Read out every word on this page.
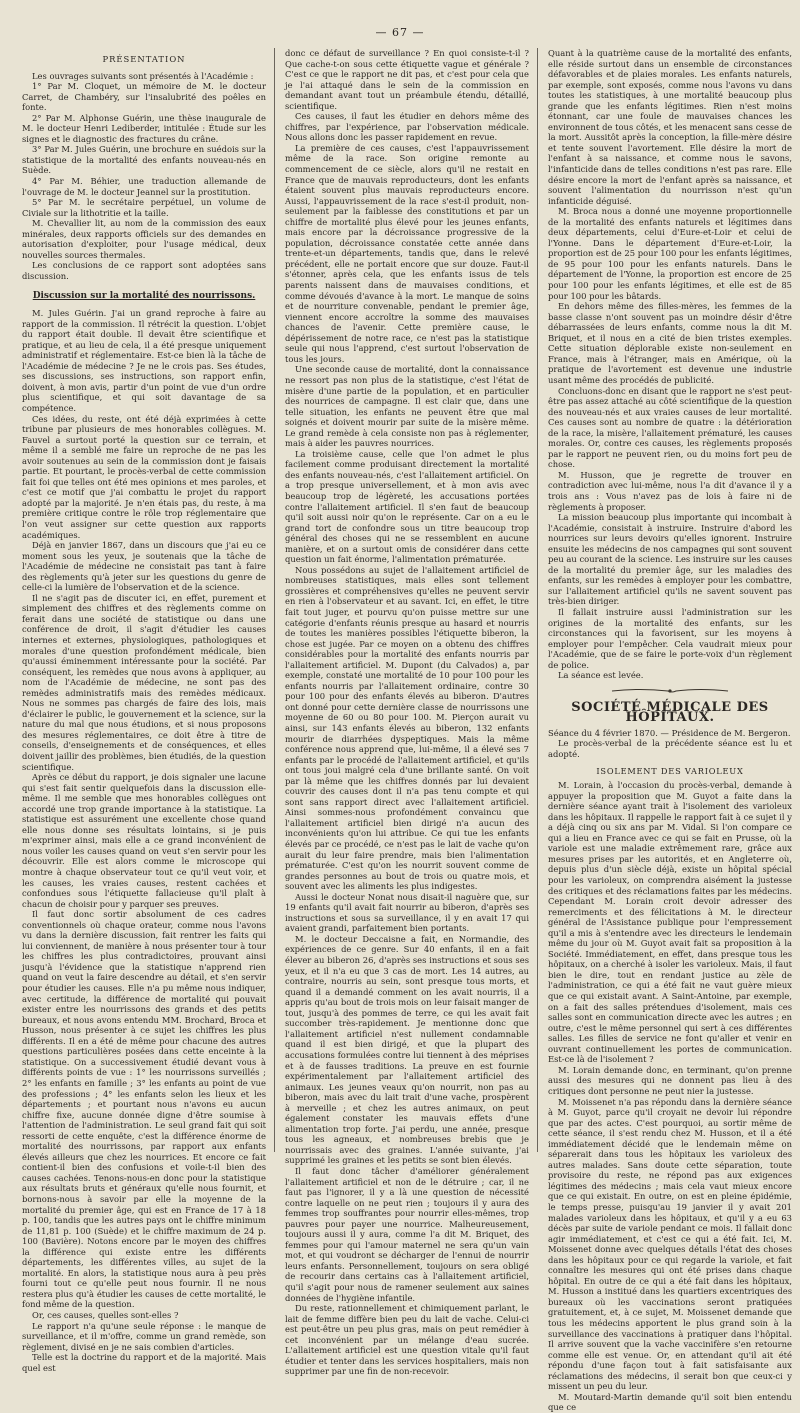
— 67 —

PRÉSENTATION

Les ouvrages suivants sont présentés à l'Académie :

1° Par M. Cloquet, un mémoire de M. le docteur Carret, de Chambéry, sur l'insalubrité des poêles en fonte.

2° Par M. Alphonse Guérin, une thèse inaugurale de M. le docteur Henri Lediberder, intitulée : Étude sur les signes et le diagnostic des fractures du crâne.

3° Par M. Jules Guérin, une brochure en suédois sur la statistique de la mortalité des enfants nouveau-nés en Suède.

4° Par M. Béhier, une traduction allemande de l'ouvrage de M. le docteur Jeannel sur la prostitution.

5° Par M. le secrétaire perpétuel, un volume de Civiale sur la lithotritie et la taille.

M. Chevallier lit, au nom de la commission des eaux minérales, deux rapports officiels sur des demandes en autorisation d'exploiter, pour l'usage médical, deux nouvelles sources thermales.

Les conclusions de ce rapport sont adoptées sans discussion.

Discussion sur la mortalité des nourrissons.

M. Jules Guérin. J'ai un grand reproche à faire au rapport de la commission. Il rétrécit la question. L'objet du rapport était double. Il devait être scientifique et pratique, et au lieu de cela, il a été presque uniquement administratif et réglementaire. Est-ce bien là la tâche de l'Académie de médecine ? Je ne le crois pas. Ses études, ses discussions, ses instructions, son rapport enfin, doivent, à mon avis, partir d'un point de vue d'un ordre plus scientifique, et qui soit davantage de sa compétence.

Ces idées, du reste, ont été déjà exprimées à cette tribune par plusieurs de mes honorables collègues. M. Fauvel a surtout porté la question sur ce terrain, et même il a semblé me faire un reproche de ne pas les avoir soutenues au sein de la commission dont je faisais partie. Et pourtant, le procès-verbal de cette commission fait foi que telles ont été mes opinions et mes paroles, et c'est ce motif que j'ai combattu le projet du rapport adopté par la majorité. Je n'en étais pas, du reste, à ma première critique contre le rôle trop réglementaire que l'on veut assigner sur cette question aux rapports académiques.

Déjà en janvier 1867, dans un discours que j'ai eu ce moment sous les yeux, je soutenais que la tâche de l'Académie de médecine ne consistait pas tant à faire des règlements qu'à jeter sur les questions du genre de celle-ci la lumière de l'observation et de la science.

Il ne s'agit pas de discuter ici, en effet, purement et simplement des chiffres et des règlements comme on ferait dans une société de statistique ou dans une conférence de droit, il s'agit d'étudier les causes internes et externes, physiologiques, pathologiques et morales d'une question profondément médicale, bien qu'aussi éminemment intéressante pour la société. Par conséquent, les remèdes que nous avons à appliquer, au nom de l'Académie de médecine, ne sont pas des remèdes administratifs mais des remèdes médicaux. Nous ne sommes pas chargés de faire des lois, mais d'éclairer le public, le gouvernement et la science, sur la nature du mal que nous étudions, et si nous proposons des mesures réglementaires, ce doit être à titre de conseils, d'enseignements et de conséquences, et elles doivent jaillir des problèmes, bien étudiés, de la question scientifique.

Après ce début du rapport, je dois signaler une lacune qui s'est fait sentir quelquefois dans la discussion elle-même. Il me semble que mes honorables collègues ont accordé une trop grande importance à la statistique. La statistique est assurément une excellente chose quand elle nous donne ses résultats lointains, si je puis m'exprimer ainsi, mais elle a ce grand inconvénient de nous voiler les causes quand on veut s'en servir pour les découvrir. Elle est alors comme le microscope qui montre à chaque observateur tout ce qu'il veut voir, et les causes, les vraies causes, restent cachées et confondues sous l'étiquette fallacieuse qu'il plaît à chacun de choisir pour y parquer ses preuves.

Il faut donc sortir absolument de ces cadres conventionnels où chaque orateur, comme nous l'avons vu dans la dernière discussion, fait rentrer les faits qui lui conviennent, de manière à nous présenter tour à tour les chiffres les plus contradictoires, prouvant ainsi jusqu'à l'évidence que la statistique n'apprend rien quand on veut la faire descendre au détail, et s'en servir pour étudier les causes. Elle n'a pu même nous indiquer, avec certitude, la différence de mortalité qui pouvait exister entre les nourrissons des grands et des petits bureaux, et nous avons entendu MM. Brochard, Broca et Husson, nous présenter à ce sujet les chiffres les plus différents. Il en a été de même pour chacune des autres questions particulières posées dans cette enceinte à la statistique. On a successivement étudié devant vous à différents points de vue : 1° les nourrissons surveillés ; 2° les enfants en famille ; 3° les enfants au point de vue des professions ; 4° les enfants selon les lieux et les départements ; et pourtant nous n'avons eu aucun chiffre fixe, aucune donnée digne d'être soumise à l'attention de l'administration. Le seul grand fait qui soit ressorti de cette enquête, c'est la différence énorme de mortalité des nourrissons, par rapport aux enfants élevés ailleurs que chez les nourrices. Et encore ce fait contient-il bien des confusions et voile-t-il bien des causes cachées. Tenons-nous-en donc pour la statistique aux résultats bruts et généraux qu'elle nous fournit, et bornons-nous à savoir par elle la moyenne de la mortalité du premier âge, qui est en France de 17 à 18 p. 100, tandis que les autres pays ont le chiffre minimum de 11,81 p. 100 (Suède) et le chiffre maximum de 24 p. 100 (Bavière). Notons encore par le moyen des chiffres la différence qui existe entre les différents départements, les différentes villes, au sujet de la mortalité. En alors, la statistique nous aura à peu près fourni tout ce qu'elle peut nous fournir. Il ne nous restera plus qu'à étudier les causes de cette mortalité, le fond même de la question.

Or, ces causes, quelles sont-elles ?

Le rapport n'a qu'une seule réponse : le manque de surveillance, et il m'offre, comme un grand remède, son règlement, divisé en je ne sais combien d'articles.

Telle est la doctrine du rapport et de la majorité. Mais quel est

donc ce défaut de surveillance ? En quoi consiste-t-il ? Que cache-t-on sous cette étiquette vague et générale ? C'est ce que le rapport ne dit pas, et c'est pour cela que je l'ai attaqué dans le sein de la commission en demandant avant tout un préambule étendu, détaillé, scientifique.

Ces causes, il faut les étudier en dehors même des chiffres, par l'expérience, par l'observation médicale. Nous allons donc les passer rapidement en revue.

La première de ces causes, c'est l'appauvrissement même de la race. Son origine remonte au commencement de ce siècle, alors qu'il ne restait en France que de mauvais reproducteurs, dont les enfants étaient souvent plus mauvais reproducteurs encore. Aussi, l'appauvrissement de la race s'est-il produit, non-seulement par la faiblesse des constitutions et par un chiffre de mortalité plus élevé pour les jeunes enfants, mais encore par la décroissance progressive de la population, décroissance constatée cette année dans trente-et-un départements, tandis que, dans le relevé précédent, elle ne portait encore que sur douze. Faut-il s'étonner, après cela, que les enfants issus de tels parents naissent dans de mauvaises conditions, et comme dévoués d'avance à la mort. Le manque de soins et de nourriture convenable, pendant le premier âge, viennent encore accroître la somme des mauvaises chances de l'avenir. Cette première cause, le dépérissement de notre race, ce n'est pas la statistique seule qui nous l'apprend, c'est surtout l'observation de tous les jours.

Une seconde cause de mortalité, dont la connaissance ne ressort pas non plus de la statistique, c'est l'état de misère d'une partie de la population, et en particulier des nourrices de campagne. Il est clair que, dans une telle situation, les enfants ne peuvent être que mal soignés et doivent mourir par suite de la misère même. Le grand remède à cela consiste non pas à réglementer, mais à aider les pauvres nourrices.

La troisième cause, celle que l'on admet le plus facilement comme produisant directement la mortalité des enfants nouveau-nés, c'est l'allaitement artificiel. On a trop presque universellement, et à mon avis avec beaucoup trop de légèreté, les accusations portées contre l'allaitement artificiel. Il s'en faut de beaucoup qu'il soit aussi noir qu'on le représente. Car on a eu le grand tort de confondre sous un titre beaucoup trop général des choses qui ne se ressemblent en aucune manière, et on a surtout omis de considérer dans cette question un fait énorme, l'alimentation prématurée.

Nous possédons au sujet de l'allaitement artificiel de nombreuses statistiques, mais elles sont tellement grossières et compréhensives qu'elles ne peuvent servir en rien à l'observateur et au savant. Ici, en effet, le titre fait tout juger, et pourvu qu'on puisse mettre sur une catégorie d'enfants réunis presque au hasard et nourris de toutes les manières possibles l'étiquette biberon, la chose est jugée. Par ce moyen on a obtenu des chiffres considérables pour la mortalité des enfants nourris par l'allaitement artificiel. M. Dupont (du Calvados) a, par exemple, constaté une mortalité de 10 pour 100 pour les enfants nourris par l'allaitement ordinaire, contre 30 pour 100 pour des enfants élevés au biberon. D'autres ont donné pour cette dernière classe de nourrissons une moyenne de 60 ou 80 pour 100. M. Pierçon aurait vu ainsi, sur 143 enfants élevés au biberon, 132 enfants mourir de diarrhées dyspeptiques. Mais la même conférence nous apprend que, lui-même, il a élevé ses 7 enfants par le procédé de l'allaitement artificiel, et qu'ils ont tous joui malgré cela d'une brillante santé. On voit par là même que les chiffres donnés par lui devaient couvrir des causes dont il n'a pas tenu compte et qui sont sans rapport direct avec l'allaitement artificiel. Ainsi sommes-nous profondément convaincu que l'allaitement artificiel bien dirigé n'a aucun des inconvénients qu'on lui attribue. Ce qui tue les enfants élevés par ce procédé, ce n'est pas le lait de vache qu'on aurait du leur faire prendre, mais bien l'alimentation prématurée. C'est qu'on les nourrit souvent comme de grandes personnes au bout de trois ou quatre mois, et souvent avec les aliments les plus indigestes.

Aussi le docteur Nonat nous disait-il naguère que, sur 19 enfants qu'il avait fait nourrir au biberon, d'après ses instructions et sous sa surveillance, il y en avait 17 qui avaient grandi, parfaitement bien portants.

M. le docteur Deccaisne a fait, en Normandie, des expériences de ce genre. Sur 40 enfants, il en a fait élever au biberon 26, d'après ses instructions et sous ses yeux, et il n'a eu que 3 cas de mort. Les 14 autres, au contraire, nourris au sein, sont presque tous morts, et quand il a demandé comment on les avait nourris, il a appris qu'au bout de trois mois on leur faisait manger de tout, jusqu'à des pommes de terre, ce qui les avait fait succomber très-rapidement. Je mentionne donc que l'allaitement artificiel n'est nullement condamnable quand il est bien dirigé, et que la plupart des accusations formulées contre lui tiennent à des méprises et à de fausses traditions. La preuve en est fournie expérimentalement par l'allaitement artificiel des animaux. Les jeunes veaux qu'on nourrit, non pas au biberon, mais avec du lait trait d'une vache, prospèrent à merveille ; et chez les autres animaux, on peut également constater les mauvais effets d'une alimentation trop forte. J'ai perdu, une année, presque tous les agneaux, et nombreuses brebis que je nourrissais avec des graines. L'année suivante, j'ai supprimé les graines et les petits se sont bien élevés.

Il faut donc tâcher d'améliorer généralement l'allaitement artificiel et non de le détruire ; car, il ne faut pas l'ignorer, il y a là une question de nécessité contre laquelle on ne peut rien ; toujours il y aura des femmes trop souffrantes pour nourrir elles-mêmes, trop pauvres pour payer une nourrice. Malheureusement, toujours aussi il y aura, comme l'a dit M. Briquet, des femmes pour qui l'amour maternel ne sera qu'un vain mot, et qui voudront se décharger de l'ennui de nourrir leurs enfants. Personnellement, toujours on sera obligé de recourir dans certains cas à l'allaitement artificiel, qu'il s'agit pour nous de ramener seulement aux saines données de l'hygiène infantile.

Du reste, rationnellement et chimiquement parlant, le lait de femme diffère bien peu du lait de vache. Celui-ci est peut-être un peu plus gras, mais on peut remédier à cet inconvénient par un mélange d'eau sucrée. L'allaitement artificiel est une question vitale qu'il faut étudier et tenter dans les services hospitaliers, mais non supprimer par une fin de non-recevoir.

Quant à la quatrième cause de la mortalité des enfants, elle réside surtout dans un ensemble de circonstances défavorables et de plaies morales. Les enfants naturels, par exemple, sont exposés, comme nous l'avons vu dans toutes les statistiques, à une mortalité beaucoup plus grande que les enfants légitimes. Rien n'est moins étonnant, car une foule de mauvaises chances les environnent de tous côtés, et les menacent sans cesse de la mort. Aussitôt après la conception, la fille-mère désire et tente souvent l'avortement. Elle désire la mort de l'enfant à sa naissance, et comme nous le savons, l'infanticide dans de telles conditions n'est pas rare. Elle désire encore la mort de l'enfant après sa naissance, et souvent l'alimentation du nourrisson n'est qu'un infanticide déguisé.

M. Broca nous a donné une moyenne proportionnelle de la mortalité des enfants naturels et légitimes dans deux départements, celui d'Eure-et-Loir et celui de l'Yonne. Dans le département d'Eure-et-Loir, la proportion est de 25 pour 100 pour les enfants légitimes, de 95 pour 100 pour les enfants naturels. Dans le département de l'Yonne, la proportion est encore de 25 pour 100 pour les enfants légitimes, et elle est de 85 pour 100 pour les bâtards.

En dehors même des filles-mères, les femmes de la basse classe n'ont souvent pas un moindre désir d'être débarrassées de leurs enfants, comme nous la dit M. Briquet, et il nous en a cité de bien tristes exemples. Cette situation déplorable existe non-seulement en France, mais à l'étranger, mais en Amérique, où la pratique de l'avortement est devenue une industrie usant même des procédés de publicité.

Concluons-donc en disant que le rapport ne s'est peut-être pas assez attaché au côté scientifique de la question des nouveau-nés et aux vraies causes de leur mortalité. Ces causes sont au nombre de quatre : la détérioration de la race, la misère, l'allaitement prématuré, les causes morales. Or, contre ces causes, les règlements proposés par le rapport ne peuvent rien, ou du moins fort peu de chose.

M. Husson, que je regrette de trouver en contradiction avec lui-même, nous l'a dit d'avance il y a trois ans : Vous n'avez pas de lois à faire ni de règlements à proposer.

La mission beaucoup plus importante qui incombait à l'Académie, consistait à instruire. Instruire d'abord les nourrices sur leurs devoirs qu'elles ignorent. Instruire ensuite les médecins de nos campagnes qui sont souvent peu au courant de la science. Les instruire sur les causes de la mortalité du premier âge, sur les maladies des enfants, sur les remèdes à employer pour les combattre, sur l'allaitement artificiel qu'ils ne savent souvent pas très-bien diriger.

Il fallait instruire aussi l'administration sur les origines de la mortalité des enfants, sur les circonstances qui la favorisent, sur les moyens à employer pour l'empêcher. Cela vaudrait mieux pour l'Académie, que de se faire le porte-voix d'un règlement de police.

La séance est levée.

SOCIÉTÉ MÉDICALE DES HÔPITAUX.

Séance du 4 février 1870. — Présidence de M. Bergeron.

Le procès-verbal de la précédente séance est lu et adopté.

ISOLEMENT DES VARIOLEUX

M. Lorain, à l'occasion du procès-verbal, demande à appuyer la proposition que M. Guyot a faite dans la dernière séance ayant trait à l'isolement des varioleux dans les hôpitaux. Il rappelle le rapport fait à ce sujet il y a déjà cinq ou six ans par M. Vidal. Si l'on compare ce qui a lieu en France avec ce qui se fait en Prusse, où la variole est une maladie extrêmement rare, grâce aux mesures prises par les autorités, et en Angleterre où, depuis plus d'un siècle déjà, existe un hôpital spécial pour les varioleux, on comprendra aisément la justesse des critiques et des réclamations faites par les médecins. Cependant M. Lorain croit devoir adresser des remerciments et des félicitations à M. le directeur général de l'Assistance publique pour l'empressement qu'il a mis à s'entendre avec les directeurs le lendemain même du jour où M. Guyot avait fait sa proposition à la Société. Immédiatement, en effet, dans presque tous les hôpitaux, on a cherché à isoler les varioleux. Mais, il faut bien le dire, tout en rendant justice au zèle de l'administration, ce qui a été fait ne vaut guère mieux que ce qui existait avant. A Saint-Antoine, par exemple, on a fait des salles prétendues d'isolement, mais ces salles sont en communication directe avec les autres ; en outre, c'est le même personnel qui sert à ces différentes salles. Les filles de service ne font qu'aller et venir en ouvrant continuellement les portes de communication. Est-ce là de l'isolement ?

M. Lorain demande donc, en terminant, qu'on prenne aussi des mesures qui ne donnent pas lieu à des critiques dont personne ne peut nier la justesse.

M. Moissenet n'a pas répondu dans la dernière séance à M. Guyot, parce qu'il croyait ne devoir lui répondre que par des actes. C'est pourquoi, au sortir même de cette séance, il s'est rendu chez M. Husson, et il a été immédiatement décidé que le lendemain même on séparerait dans tous les hôpitaux les varioleux des autres malades. Sans doute cette séparation, toute provisoire du reste, ne répond pas aux exigences légitimes des médecins ; mais cela vaut mieux encore que ce qui existait. En outre, on est en pleine épidémie, le temps presse, puisqu'au 19 janvier il y avait 201 malades varioleux dans les hôpitaux, et qu'il y a eu 63 décès par suite de variole pendant ce mois. Il fallait donc agir immédiatement, et c'est ce qui a été fait. Ici, M. Moissenet donne avec quelques détails l'état des choses dans les hôpitaux pour ce qui regarde la variole, et fait connaître les mesures qui ont été prises dans chaque hôpital. En outre de ce qui a été fait dans les hôpitaux, M. Husson a institué dans les quartiers excentriques des bureaux où les vaccinations seront pratiquées gratuitement, et, à ce sujet, M. Moissenet demande que tous les médecins apportent le plus grand soin à la surveillance des vaccinations à pratiquer dans l'hôpital. Il arrive souvent que la vache vaccinifère s'en retourne comme elle est venue. Or, en attendant qu'il ait été répondu d'une façon tout à fait satisfaisante aux réclamations des médecins, il serait bon que ceux-ci y missent un peu du leur.

M. Moutard-Martin demande qu'il soit bien entendu que ce
